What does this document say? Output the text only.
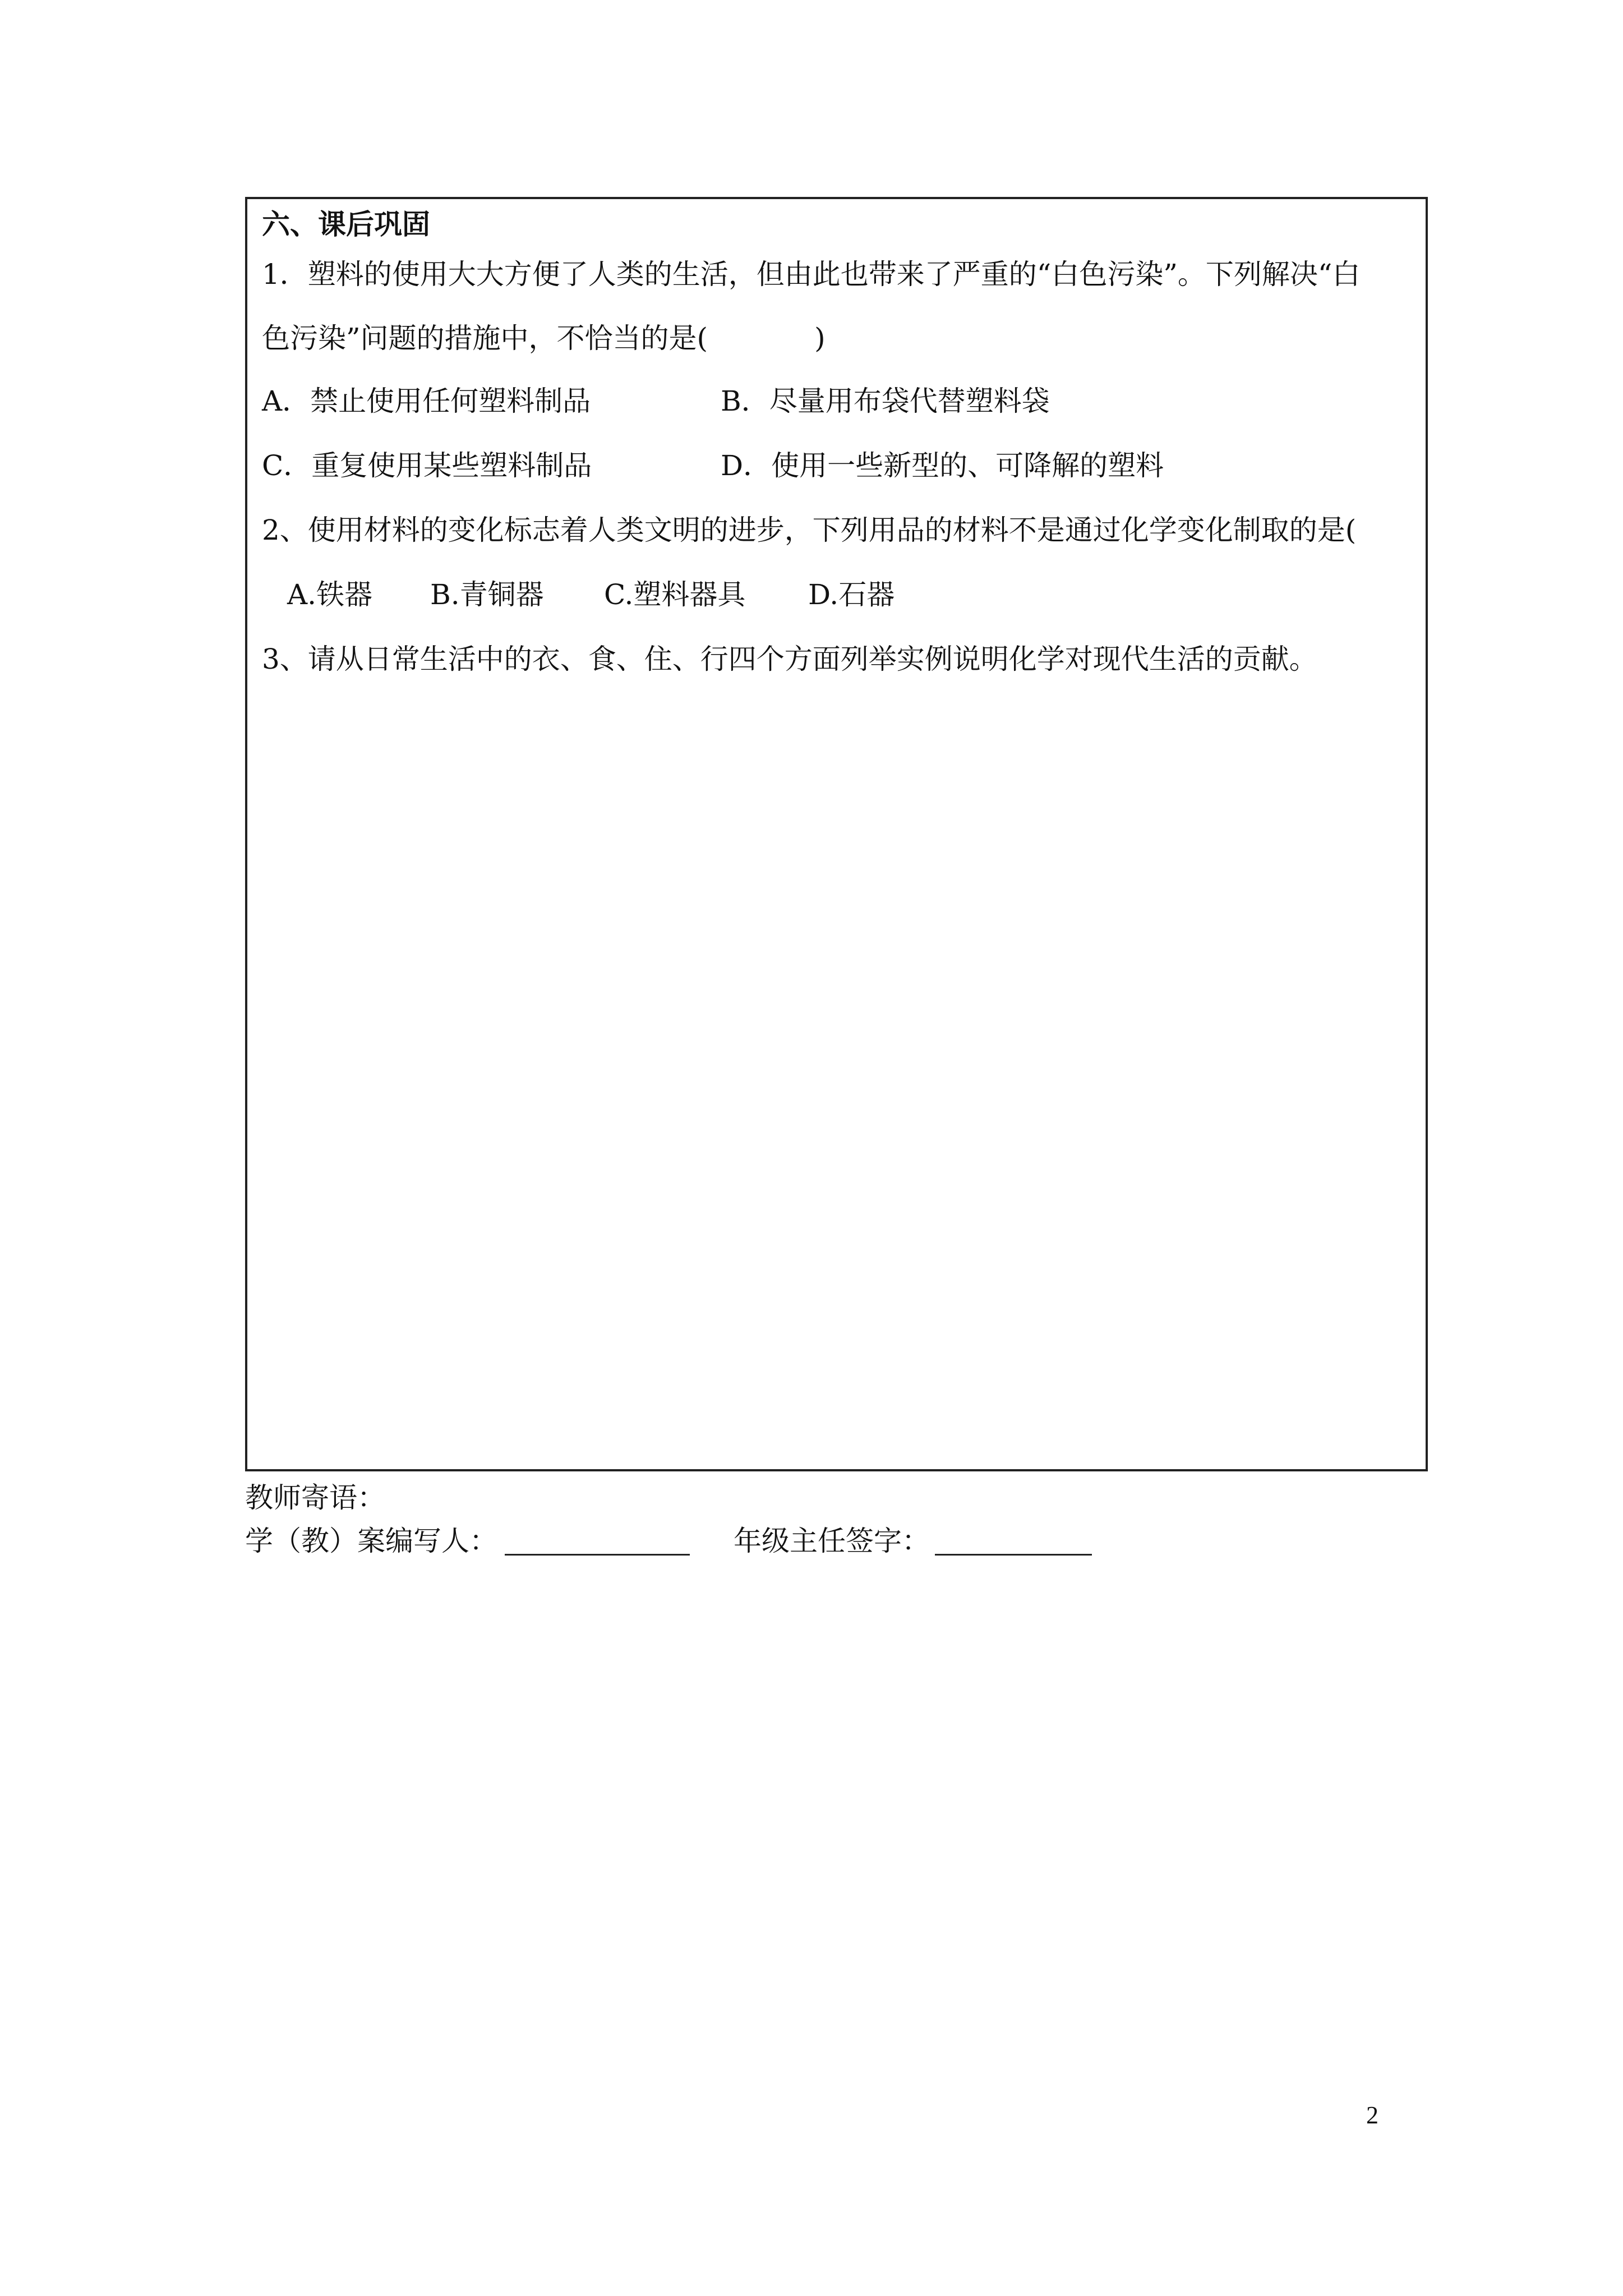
六、课后巩固
1．塑料的使用大大方便了人类的生活，但由此也带来了严重的“白色污染”。下列解决“白
色污染”问题的措施中，不恰当的是(	)
A．禁止使用任何塑料制品	B．尽量用布袋代替塑料袋
C．重复使用某些塑料制品	D．使用一些新型的、可降解的塑料
2、使用材料的变化标志着人类文明的进步，下列用品的材料不是通过化学变化制取的是(
A.铁器 B.青铜器 C.塑料器具 D.石器
3、请从日常生活中的衣、食、住、行四个方面列举实例说明化学对现代生活的贡献。
教师寄语：
学（教）案编写人：	年级主任签字：
2
